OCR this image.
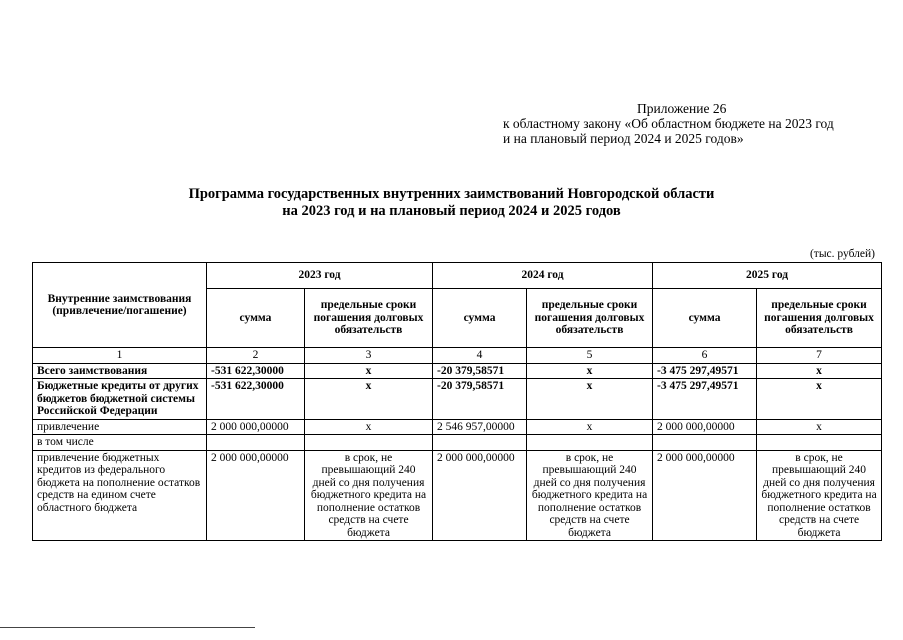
Приложение 26
к областному закону «Об областном бюджете на 2023 год
и на плановый период 2024 и 2025 годов»
Программа государственных внутренних заимствований Новгородской области
на 2023 год и на плановый период 2024 и 2025 годов
(тыс. рублей)
Внутренние заимствования (привлечение/погашение)	2023 год		2024 год		2025 год	
	сумма	предельные сроки погашения долговых обязательств	сумма	предельные сроки погашения долговых обязательств	сумма	предельные сроки погашения долговых обязательств
1	2	3	4	5	6	7
Всего заимствования	-531 622,30000	x	-20 379,58571	x	-3 475 297,49571	x
Бюджетные кредиты от других бюджетов бюджетной системы Российской Федерации	-531 622,30000	x	-20 379,58571	x	-3 475 297,49571	x
привлечение	2 000 000,00000	x	2 546 957,00000	x	2 000 000,00000	x
в том числе						
привлечение бюджетных кредитов из федерального бюджета на пополнение остатков средств на едином счете областного бюджета	2 000 000,00000	в срок, не превышающий 240 дней со дня получения бюджетного кредита на пополнение остатков средств на счете бюджета	2 000 000,00000	в срок, не превышающий 240 дней со дня получения бюджетного кредита на пополнение остатков средств на счете бюджета	2 000 000,00000	в срок, не превышающий 240 дней со дня получения бюджетного кредита на пополнение остатков средств на счете бюджета
